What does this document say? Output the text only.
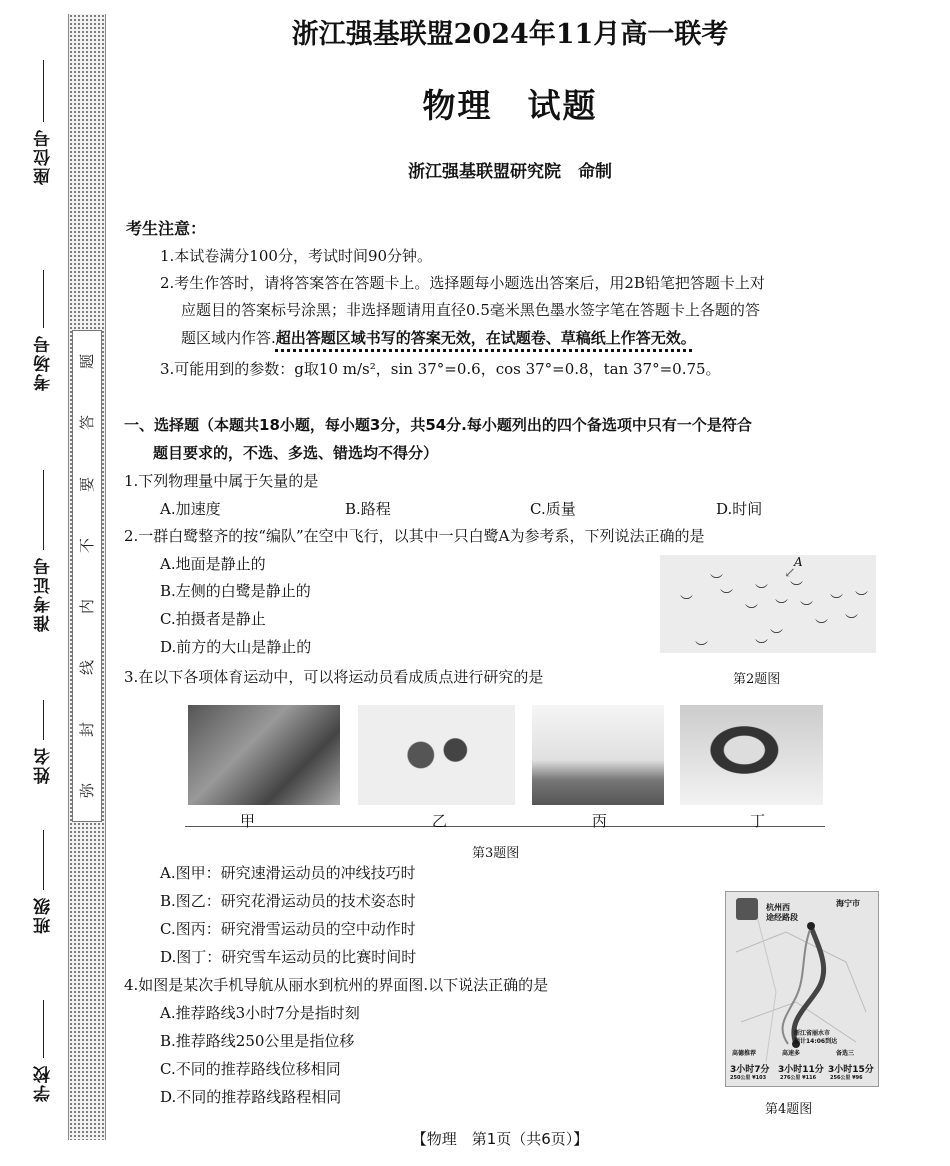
座位号
考场号
准考证号
姓名
班级
学校
题
答
要
不
内
线
封
弥
浙江强基联盟2024年11月高一联考
物理　试题
浙江强基联盟研究院　命制
考生注意：
1.本试卷满分100分，考试时间90分钟。
2.考生作答时，请将答案答在答题卡上。选择题每小题选出答案后，用2B铅笔把答题卡上对
应题目的答案标号涂黑；非选择题请用直径0.5毫米黑色墨水签字笔在答题卡上各题的答
题区域内作答.超出答题区域书写的答案无效，在试题卷、草稿纸上作答无效。
3.可能用到的参数：g取10 m/s²，sin 37°=0.6，cos 37°=0.8，tan 37°=0.75。
一、选择题（本题共18小题，每小题3分，共54分.每小题列出的四个备选项中只有一个是符合
题目要求的，不选、多选、错选均不得分）
1.下列物理量中属于矢量的是
A.加速度	B.路程	C.质量	D.时间
2.一群白鹭整齐的按“编队”在空中飞行，以其中一只白鹭A为参考系，下列说法正确的是
A.地面是静止的
B.左侧的白鹭是静止的
C.拍摄者是静止
D.前方的大山是静止的
︶
︶
︶
︶
︶
︶
︶
︶
︶
︶
︶
︶
︶
︶	︶
A
↙
第2题图
3.在以下各项体育运动中，可以将运动员看成质点进行研究的是
甲	乙	丙	丁
第3题图
A.图甲：研究速滑运动员的冲线技巧时
B.图乙：研究花滑运动员的技术姿态时
C.图丙：研究滑雪运动员的空中动作时
D.图丁：研究雪车运动员的比赛时间时
4.如图是某次手机导航从丽水到杭州的界面图.以下说法正确的是
A.推荐路线3小时7分是指时刻
B.推荐路线250公里是指位移
C.不同的推荐路线位移相同
D.不同的推荐路线路程相同
杭州西
途经路段
海宁市
浙江省丽水市
预计14:06到达
高德推荐	高速多	备选三
3小时7分 3小时11分 3小时15分
250公里 ¥103	276公里 ¥116	256公里 ¥96
第4题图
【物理　第1页（共6页）】
